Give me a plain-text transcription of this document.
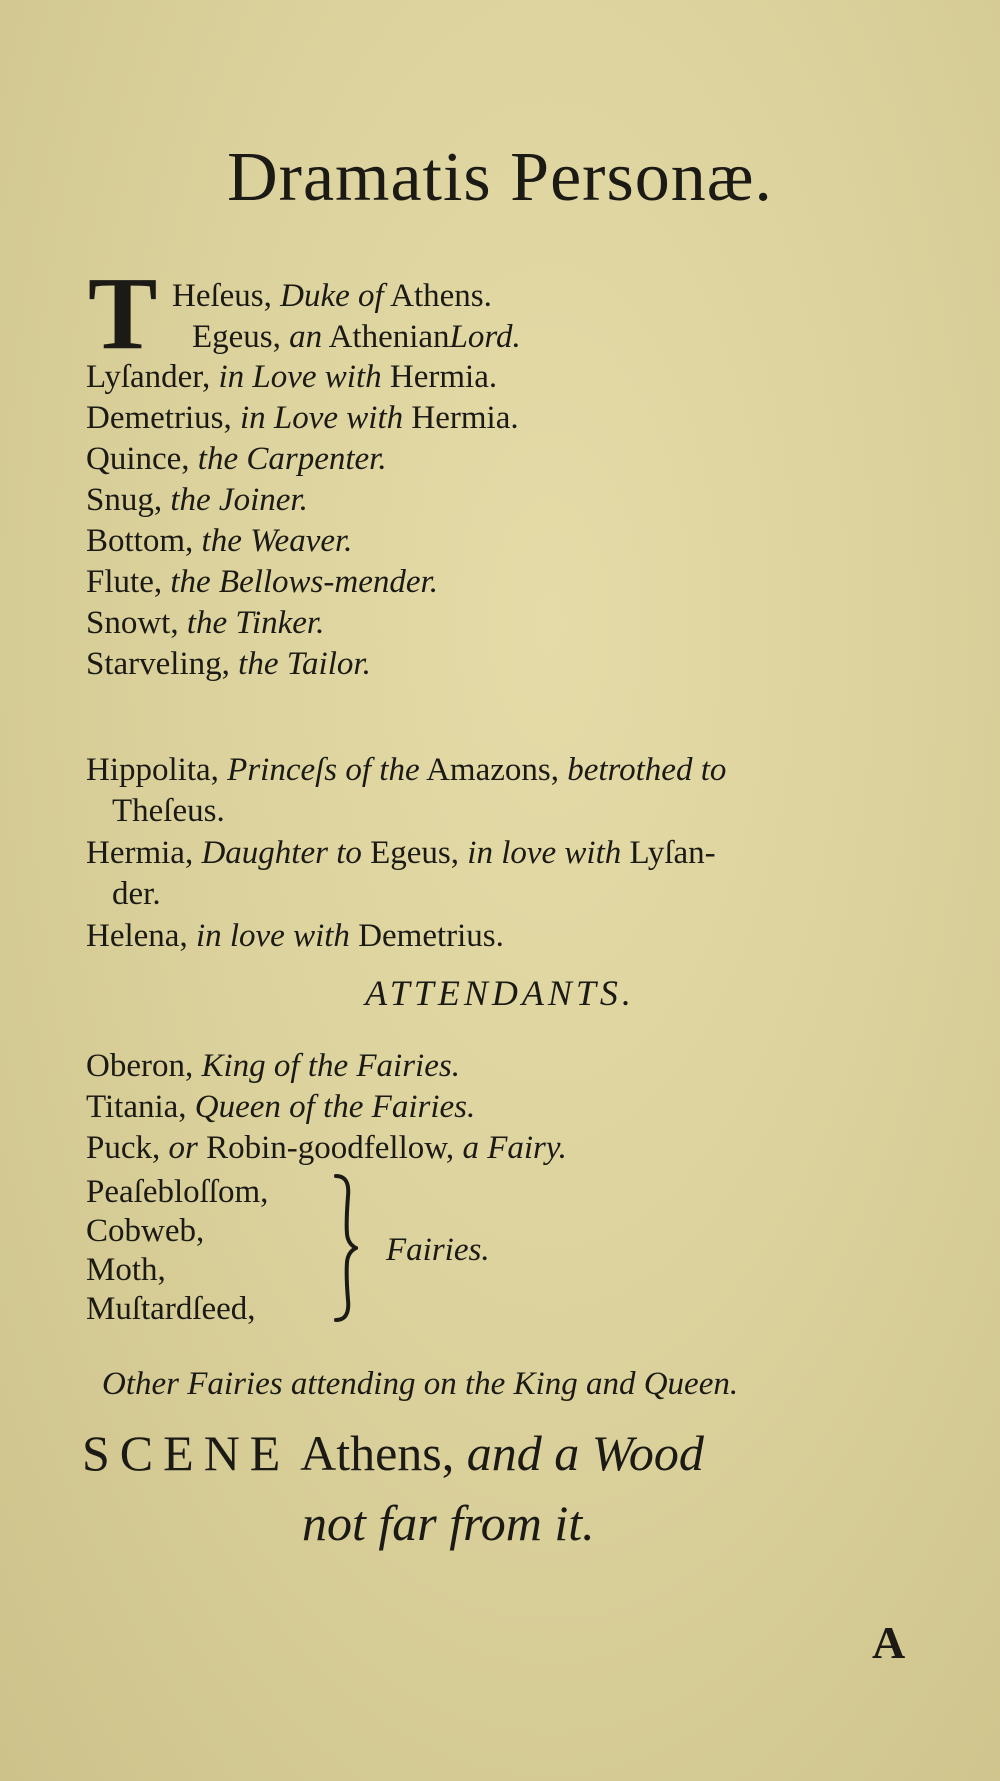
Dramatis Personæ.
T Heſeus, Duke of Athens.
Egeus, an AthenianLord.
Lyſander, in Love with Hermia.
Demetrius, in Love with Hermia.
Quince, the Carpenter.
Snug, the Joiner.
Bottom, the Weaver.
Flute, the Bellows-mender.
Snowt, the Tinker.
Starveling, the Tailor.
Hippolita, Princeſs of the Amazons, betrothed to
Theſeus.
Hermia, Daughter to Egeus, in love with Lyſan-
der.
Helena, in love with Demetrius.
ATTENDANTS.
Oberon, King of the Fairies.
Titania, Queen of the Fairies.
Puck, or Robin-goodfellow, a Fairy.
Peaſebloſſom,
Cobweb,
Moth,
Muſtardſeed,
Fairies.
Other Fairies attending on the King and Queen.
SCENE Athens, and a Wood
not far from it.
A
